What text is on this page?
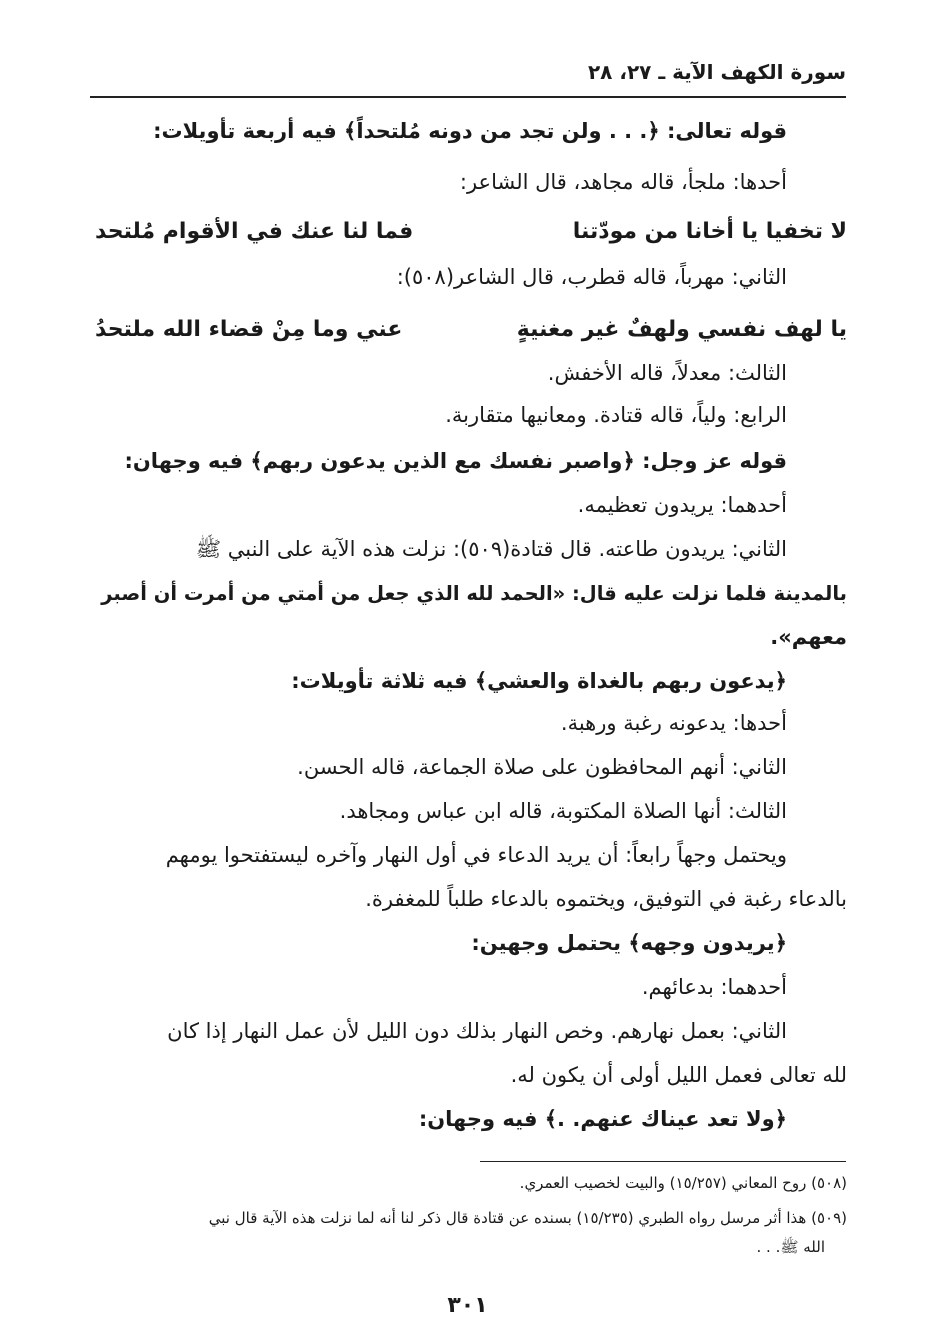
سورة الكهف الآية ـ ٢٧، ٢٨
قوله تعالى: ﴿. . . ولن تجد من دونه مُلتحداً﴾ فيه أربعة تأويلات:
أحدها: ملجأ، قاله مجاهد، قال الشاعر:
لا تخفيا يا أخانا من مودّتنا
فما لنا عنك في الأقوام مُلتحد
الثاني: مهرباً، قاله قطرب، قال الشاعر(٥٠٨):
يا لهف نفسي ولهفٌ غير مغنيةٍ
عني وما مِنْ قضاء الله ملتحدُ
الثالث: معدلاً، قاله الأخفش.
الرابع: ولياً، قاله قتادة. ومعانيها متقاربة.
قوله عز وجل: ﴿واصبر نفسك مع الذين يدعون ربهم﴾ فيه وجهان:
أحدهما: يريدون تعظيمه.
الثاني: يريدون طاعته. قال قتادة(٥٠٩): نزلت هذه الآية على النبي ﷺ
بالمدينة فلما نزلت عليه قال: «الحمد لله الذي جعل من أمتي من أمرت أن أصبر
معهم».
﴿يدعون ربهم بالغداة والعشي﴾ فيه ثلاثة تأويلات:
أحدها: يدعونه رغبة ورهبة.
الثاني: أنهم المحافظون على صلاة الجماعة، قاله الحسن.
الثالث: أنها الصلاة المكتوبة، قاله ابن عباس ومجاهد.
ويحتمل وجهاً رابعاً: أن يريد الدعاء في أول النهار وآخره ليستفتحوا يومهم
بالدعاء رغبة في التوفيق، ويختموه بالدعاء طلباً للمغفرة.
﴿يريدون وجهه﴾ يحتمل وجهين:
أحدهما: بدعائهم.
الثاني: بعمل نهارهم. وخص النهار بذلك دون الليل لأن عمل النهار إذا كان
لله تعالى فعمل الليل أولى أن يكون له.
﴿ولا تعد عيناك عنهم. .﴾ فيه وجهان:
(٥٠٨) روح المعاني (١٥/٢٥٧) والبيت لخصيب العمري.
(٥٠٩) هذا أثر مرسل رواه الطبري (١٥/٢٣٥) بسنده عن قتادة قال ذكر لنا أنه لما نزلت هذه الآية قال نبي
الله ﷺ. . .
٣٠١
